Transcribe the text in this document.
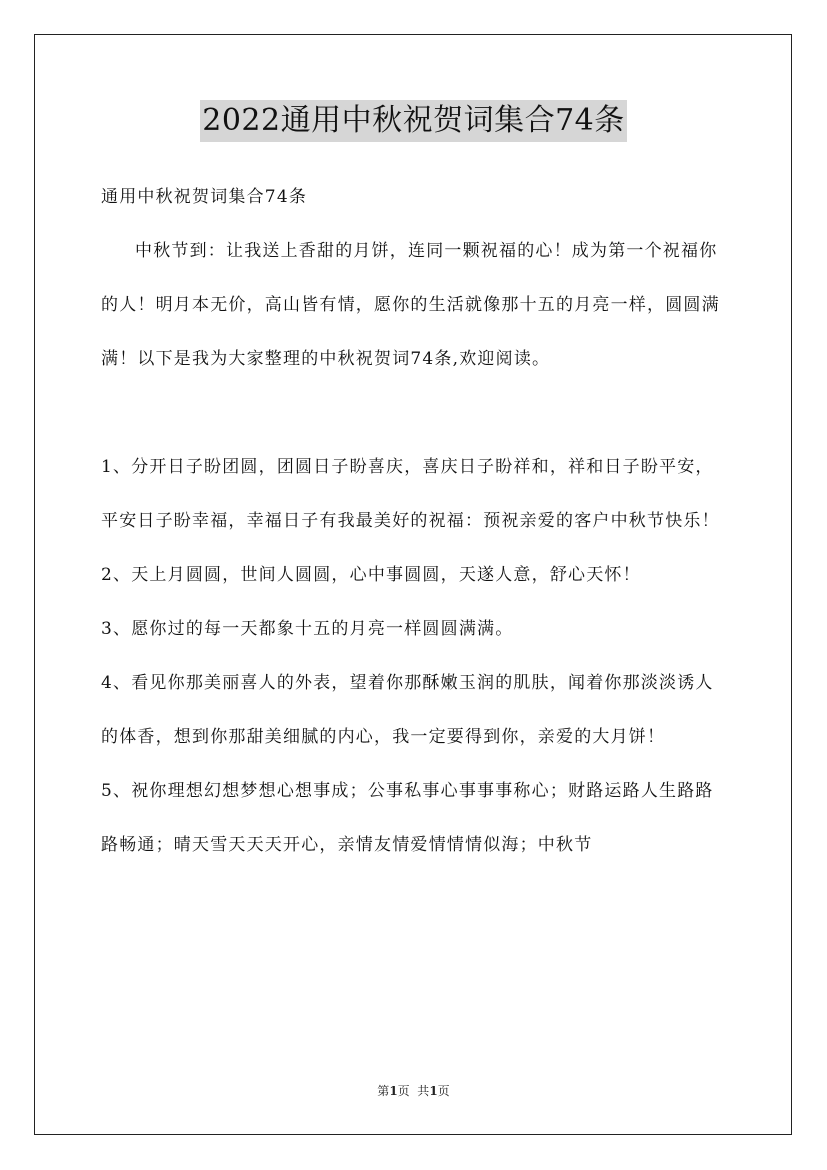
2022通用中秋祝贺词集合74条

通用中秋祝贺词集合74条

中秋节到：让我送上香甜的月饼，连同一颗祝福的心！成为第一个祝福你的人！明月本无价，高山皆有情，愿你的生活就像那十五的月亮一样，圆圆满满！以下是我为大家整理的中秋祝贺词74条,欢迎阅读。

1、分开日子盼团圆，团圆日子盼喜庆，喜庆日子盼祥和，祥和日子盼平安，平安日子盼幸福，幸福日子有我最美好的祝福：预祝亲爱的客户中秋节快乐！

2、天上月圆圆，世间人圆圆，心中事圆圆，天遂人意，舒心天怀！

3、愿你过的每一天都象十五的月亮一样圆圆满满。

4、看见你那美丽喜人的外表，望着你那酥嫩玉润的肌肤，闻着你那淡淡诱人的体香，想到你那甜美细腻的内心，我一定要得到你，亲爱的大月饼！

5、祝你理想幻想梦想心想事成；公事私事心事事事称心；财路运路人生路路路畅通；晴天雪天天天开心，亲情友情爱情情情似海；中秋节

第1页  共1页
